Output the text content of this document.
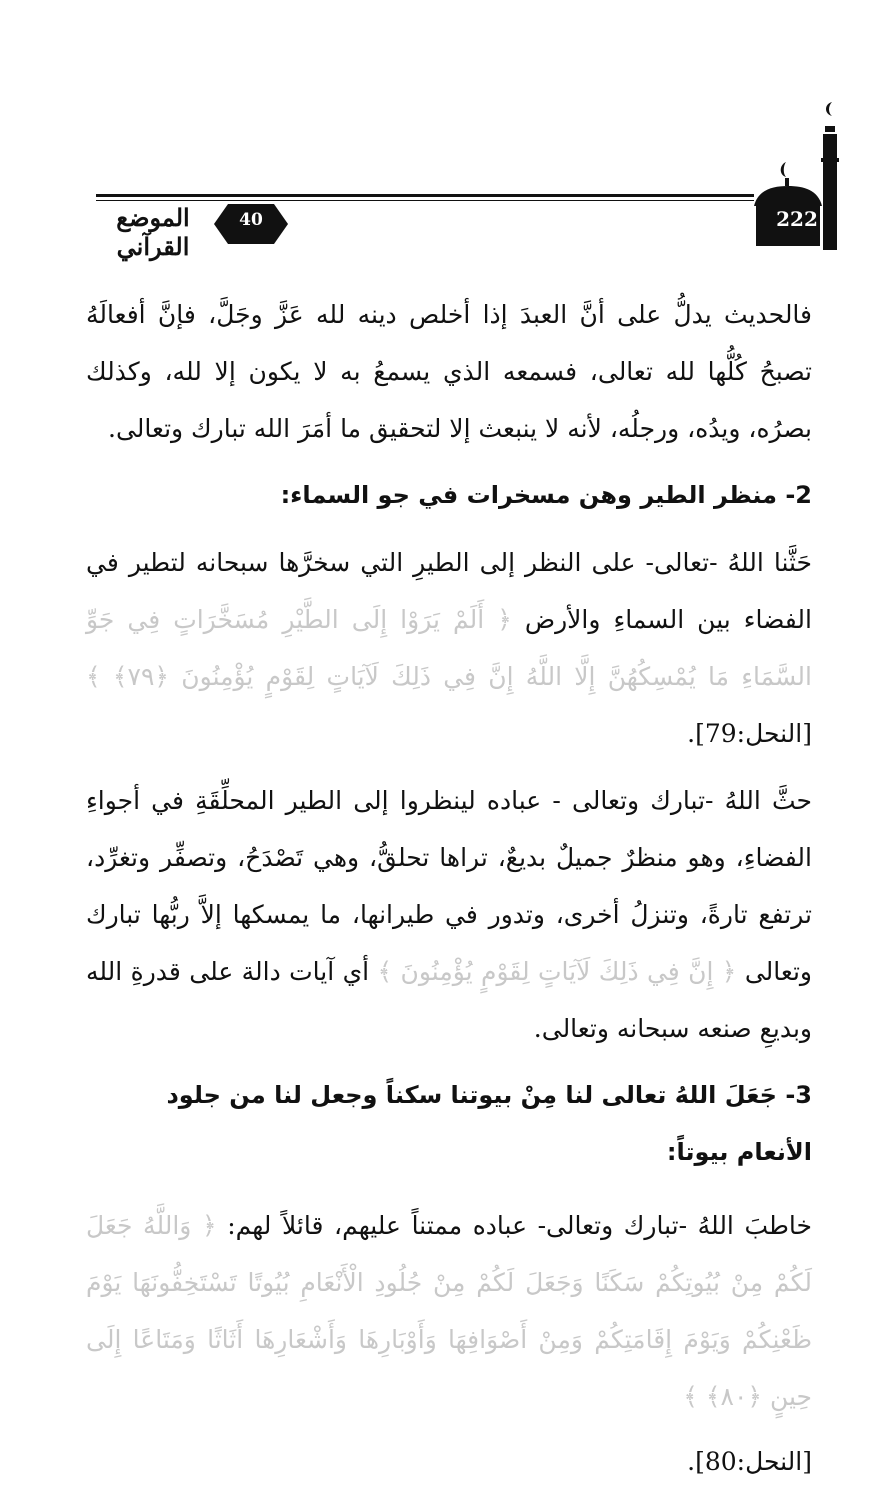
222
40
الموضع القرآني

فالحديث يدلُّ على أنَّ العبدَ إذا أخلص دينه لله عَزَّ وجَلَّ، فإنَّ أفعالَهُ تصبحُ كُلُّها لله تعالى، فسمعه الذي يسمعُ به لا يكون إلا لله، وكذلك بصرُه، ويدُه، ورجلُه، لأنه لا ينبعث إلا لتحقيق ما أمَرَ الله تبارك وتعالى.

2- منظر الطير وهن مسخرات في جو السماء:

حَثَّنا اللهُ -تعالى- على النظر إلى الطيرِ التي سخرَّها سبحانه لتطير في الفضاء بين السماءِ والأرض ﴿ أَلَمْ يَرَوْا إِلَى الطَّيْرِ مُسَخَّرَاتٍ فِي جَوِّ السَّمَاءِ مَا يُمْسِكُهُنَّ إِلَّا اللَّهُ إِنَّ فِي ذَلِكَ لَآيَاتٍ لِقَوْمٍ يُؤْمِنُونَ ﴿٧٩﴾ ﴾ [النحل:79].

حثَّ اللهُ -تبارك وتعالى - عباده لينظروا إلى الطير المحلِّقَةِ في أجواءِ الفضاءِ، وهو منظرٌ جميلٌ بديعٌ، تراها تحلقُّ، وهي تَصْدَحُ، وتصفِّر وتغرِّد، ترتفع تارةً، وتنزلُ أخرى، وتدور في طيرانها، ما يمسكها إلاَّ ربُّها تبارك وتعالى ﴿ إِنَّ فِي ذَلِكَ لَآيَاتٍ لِقَوْمٍ يُؤْمِنُونَ ﴾ أي آيات دالة على قدرةِ الله وبديعِ صنعه سبحانه وتعالى.

3- جَعَلَ اللهُ تعالى لنا مِنْ بيوتنا سكناً وجعل لنا من جلود الأنعام بيوتاً:

خاطبَ اللهُ -تبارك وتعالى- عباده ممتناً عليهم، قائلاً لهم: ﴿ وَاللَّهُ جَعَلَ لَكُمْ مِنْ بُيُوتِكُمْ سَكَنًا وَجَعَلَ لَكُمْ مِنْ جُلُودِ الْأَنْعَامِ بُيُوتًا تَسْتَخِفُّونَهَا يَوْمَ ظَعْنِكُمْ وَيَوْمَ إِقَامَتِكُمْ وَمِنْ أَصْوَافِهَا وَأَوْبَارِهَا وَأَشْعَارِهَا أَثَاثًا وَمَتَاعًا إِلَى حِينٍ ﴿٨٠﴾ ﴾

[النحل:80].
